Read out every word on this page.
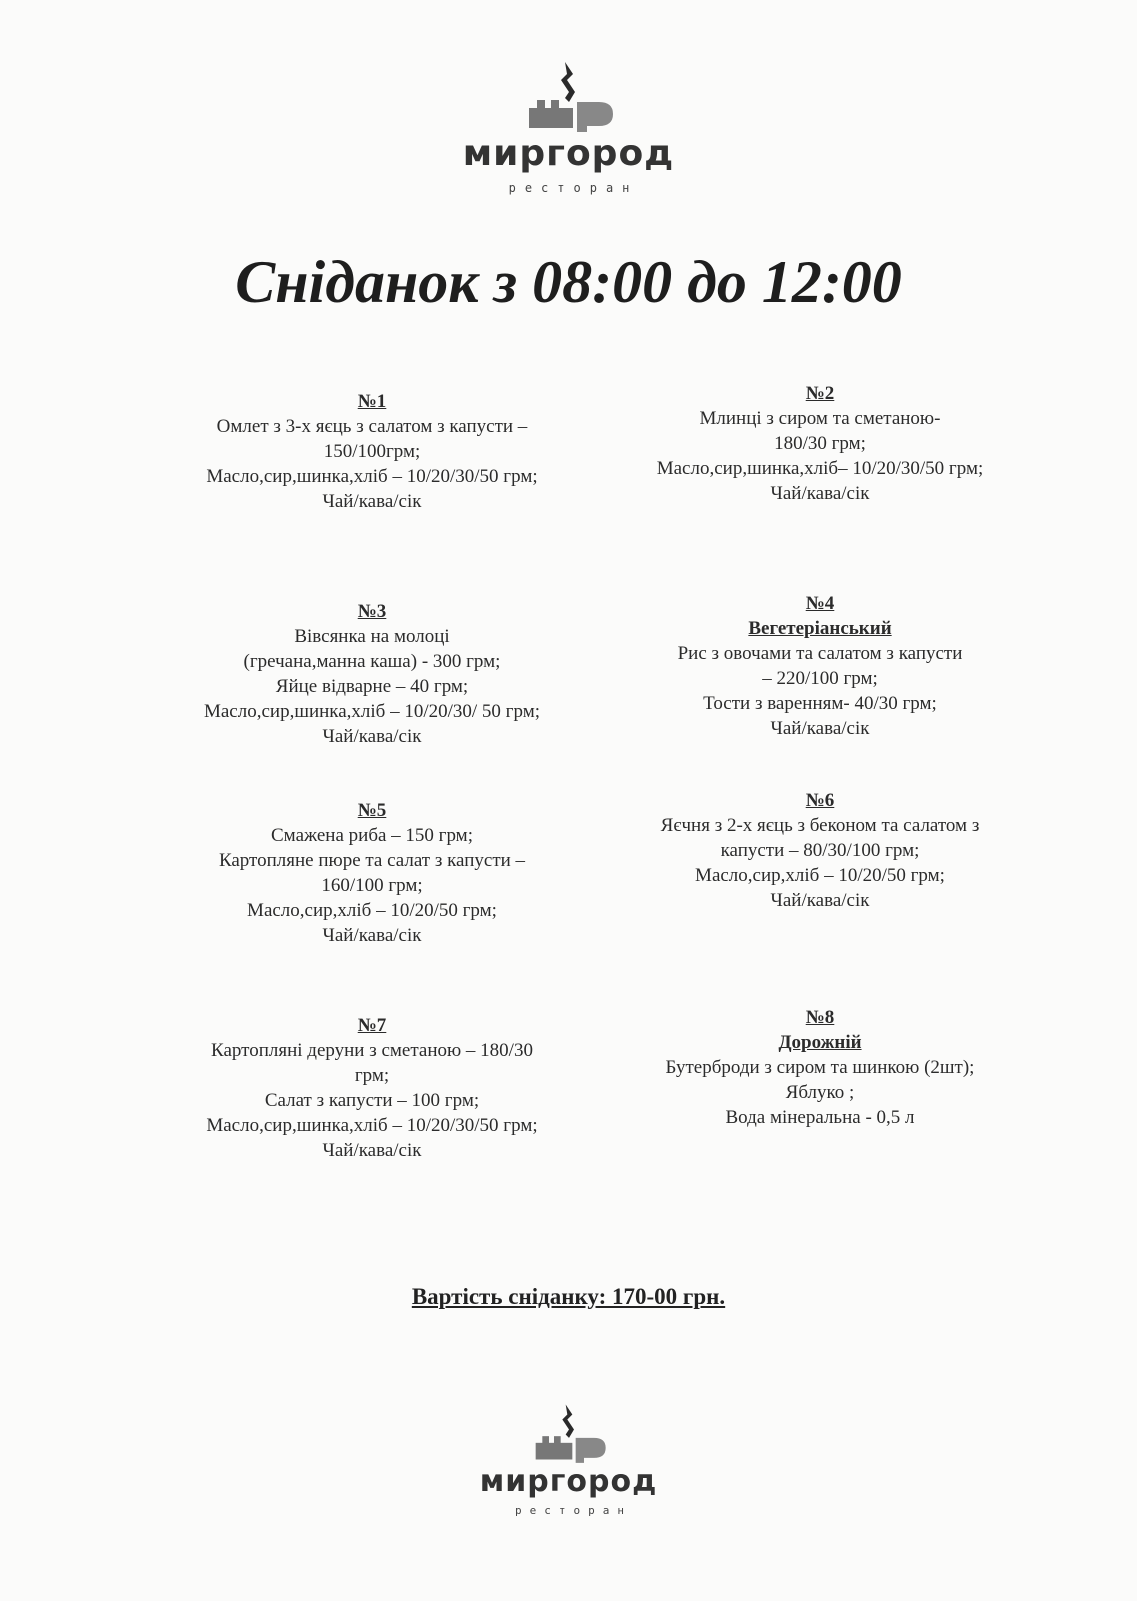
миргород
ресторан
Сніданок з 08:00 до 12:00
№1
Омлет з 3-х яєць з салатом з капусти –
150/100грм;
Масло,сир,шинка,хліб – 10/20/30/50 грм;
Чай/кава/сік
№2
Млинці з сиром та сметаною-
180/30 грм;
Масло,сир,шинка,хліб– 10/20/30/50 грм;
Чай/кава/сік
№3
Вівсянка на молоці
(гречана,манна каша) - 300 грм;
Яйце відварне – 40 грм;
Масло,сир,шинка,хліб – 10/20/30/ 50 грм;
Чай/кава/сік
№4
Вегетеріанський
Рис з овочами та салатом з капусти
– 220/100 грм;
Тости з варенням- 40/30 грм;
Чай/кава/сік
№5
Смажена риба – 150 грм;
Картопляне пюре та салат з капусти –
160/100 грм;
Масло,сир,хліб – 10/20/50 грм;
Чай/кава/сік
№6
Яєчня з 2-х яєць з беконом та салатом з
капусти – 80/30/100 грм;
Масло,сир,хліб – 10/20/50 грм;
Чай/кава/сік
№7
Картопляні деруни з сметаною – 180/30
грм;
Салат з капусти – 100 грм;
Масло,сир,шинка,хліб – 10/20/30/50 грм;
Чай/кава/сік
№8
Дорожній
Бутерброди з сиром та шинкою (2шт);
Яблуко ;
Вода мінеральна - 0,5 л
Вартість сніданку: 170-00 грн.
миргород
ресторан
